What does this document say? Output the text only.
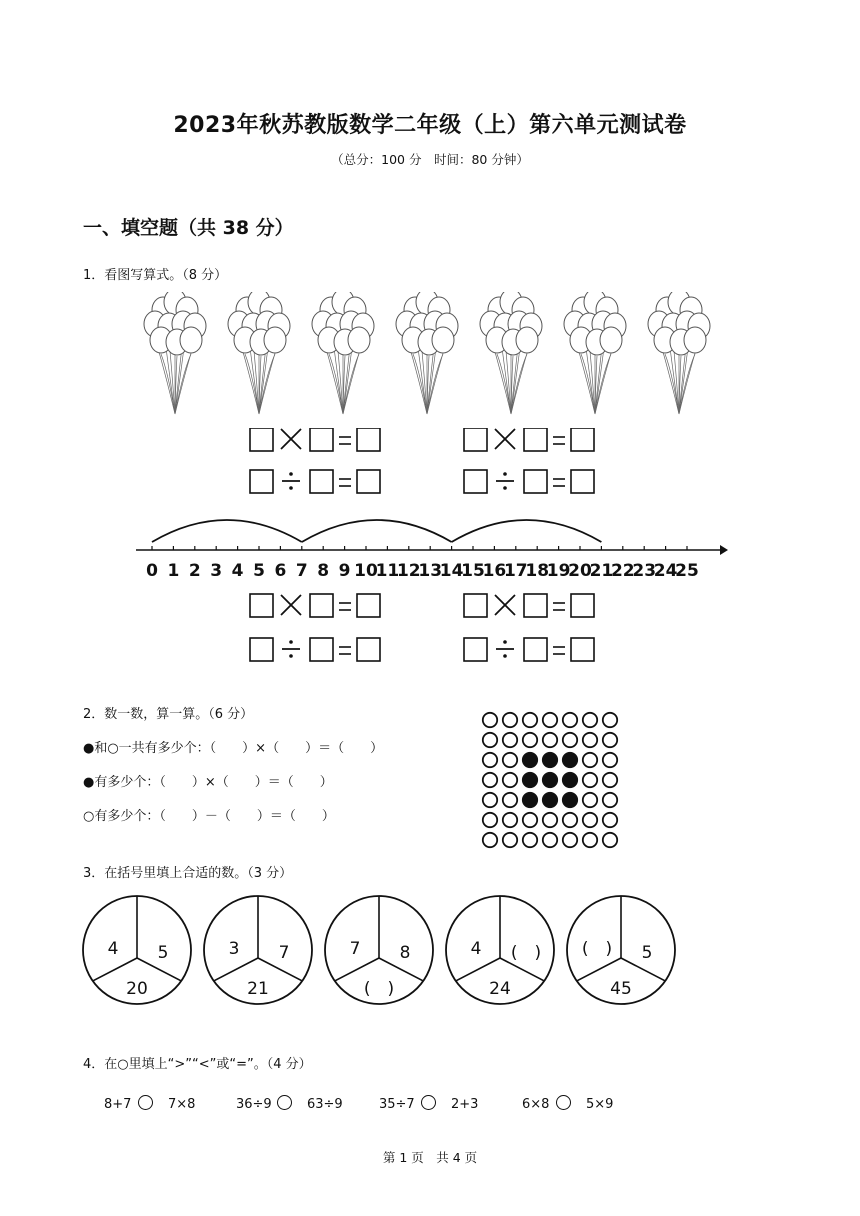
2023年秋苏教版数学二年级（上）第六单元测试卷
（总分：100 分　时间：80 分钟）
一、填空题（共 38 分）
1．看图写算式。（8 分）
0 1 2 3 4 5 6 7 8 9 10
11
12
13
14
15
16
17
18
19
20
21
22
23
24
25
2．数一数，算一算。（6 分）
●和○一共有多少个：（　　）×（　　）＝（　　）
●有多少个：（　　）×（　　）＝（　　）
○有多少个：（　　）－（　　）＝（　　）
3．在括号里填上合适的数。（3 分）
4 5
20
3 7
21
7 8
(　)
4 (　)
24
(　) 5
45
4．在○里填上“>”“<”或“=”。（4 分）
8+7	7×8	36÷9	63÷9	35÷7	2+3	6×8	5×9
第 1 页　共 4 页
